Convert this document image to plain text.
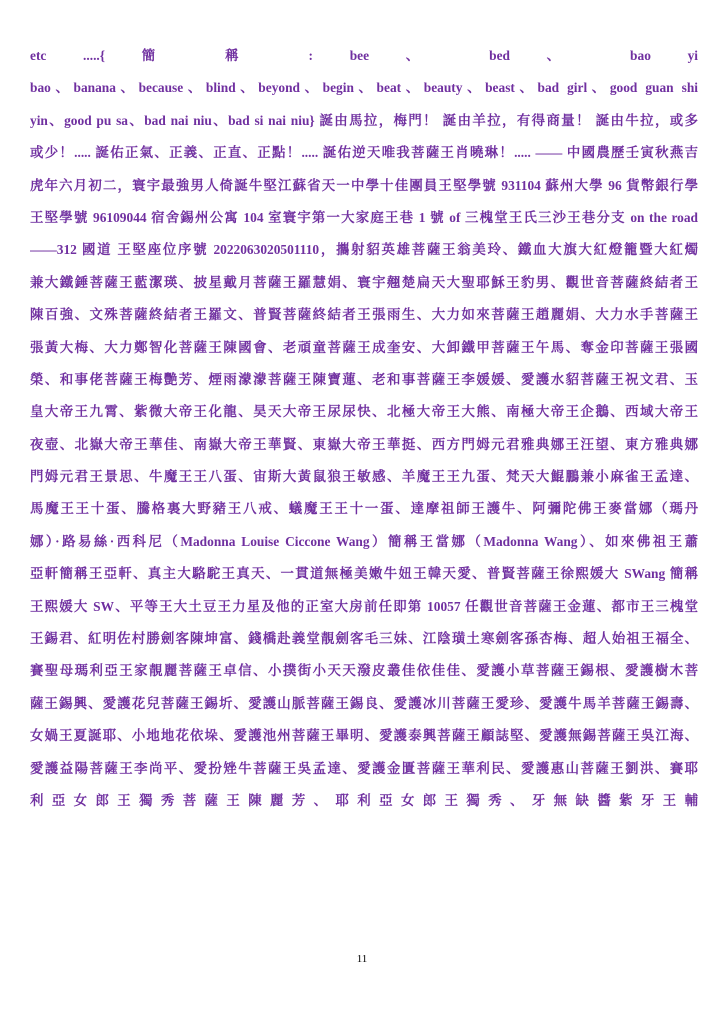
etc .....{ 簡 稱 : bee 、 bed 、 bao yi
bao、banana、because、blind、beyond、begin、beat、beauty、beast、bad girl、good guan shi
yin、good pu sa、bad nai niu、bad si nai niu} 誕由馬拉，梅門！ 誕由羊拉，有得商量！ 誕由牛拉，或多
或少！..... 誕佑正氣、正義、正直、正點！..... 誕佑逆天唯我菩薩王肖曉琳！..... —— 中國農歷壬寅秋燕吉
虎年六月初二，寰宇最強男人倚誕牛堅江蘇省天一中學十佳團員王堅學號 931104 蘇州大學 96 貨幣銀行學
王堅學號 96109044 宿舍錫州公寓 104 室寰宇第一大家庭王巷 1 號 of 三槐堂王氏三沙王巷分支 on the road
——312 國道 王堅座位序號 2022063020501110，攜射貂英雄菩薩王翁美玲、鐵血大旗大紅燈籠暨大紅燭
兼大鐵錘菩薩王藍潔瑛、披星戴月菩薩王羅慧娟、寰宇翹楚扁天大聖耶穌王豹男、觀世音菩薩終結者王
陳百強、文殊菩薩終結者王羅文、普賢菩薩終結者王張雨生、大力如來菩薩王趙麗娟、大力水手菩薩王
張黃大梅、大力鄭智化菩薩王陳國會、老頑童菩薩王成奎安、大卸鐵甲菩薩王午馬、奪金印菩薩王張國
榮、和事佬菩薩王梅艷芳、煙雨濛濛菩薩王陳寶蓮、老和事菩薩王李媛媛、愛護水貂菩薩王祝文君、玉
皇大帝王九霄、紫微大帝王化龍、昊天大帝王尿尿快、北極大帝王大熊、南極大帝王企鵝、西域大帝王
夜壺、北嶽大帝王華佳、南嶽大帝王華賢、東嶽大帝王華挺、西方門姆元君雅典娜王汪望、東方雅典娜
門姆元君王景思、牛魔王王八蛋、宙斯大黃鼠狼王敏感、羊魔王王九蛋、梵天大鯤鵬兼小麻雀王孟達、
馬魔王王十蛋、騰格裏大野豬王八戒、蟻魔王王十一蛋、達摩祖師王護牛、阿彌陀佛王麥當娜（瑪丹
娜）·路易絲·西科尼（Madonna Louise Ciccone Wang）簡稱王當娜（Madonna Wang）、如來佛祖王蕭
亞軒簡稱王亞軒、真主大駱駝王真天、一貫道無極美嫩牛妞王韓天愛、普賢菩薩王徐熙媛大 SWang 簡稱
王熙媛大 SW、平等王大土豆王力星及他的正室大房前任即第 10057 任觀世音菩薩王金蓮、都市王三槐堂
王錫君、紅明佐村勝劍客陳坤富、錢橋赴義堂靚劍客毛三妹、江陰璜土寒劍客孫杏梅、超人始祖王福全、
賽聖母瑪利亞王家靚麗菩薩王卓信、小撲街小天天潑皮叢佳依佳佳、愛護小草菩薩王錫根、愛護樹木菩
薩王錫興、愛護花兒菩薩王錫圻、愛護山脈菩薩王錫良、愛護冰川菩薩王愛珍、愛護牛馬羊菩薩王錫壽、
女媧王夏誕耶、小地地花依垛、愛護池州菩薩王畢明、愛護泰興菩薩王顧誌堅、愛護無錫菩薩王吳江海、
愛護益陽菩薩王李尚平、愛扮矬牛菩薩王吳孟達、愛護金匱菩薩王華利民、愛護惠山菩薩王劉洪、賽耶
利 亞 女 郎 王 獨 秀 菩 薩 王 陳 麗 芳 、 耶 利 亞 女 郎 王 獨 秀 、 牙 無 缺 醬 紫 牙 王 輔
11
